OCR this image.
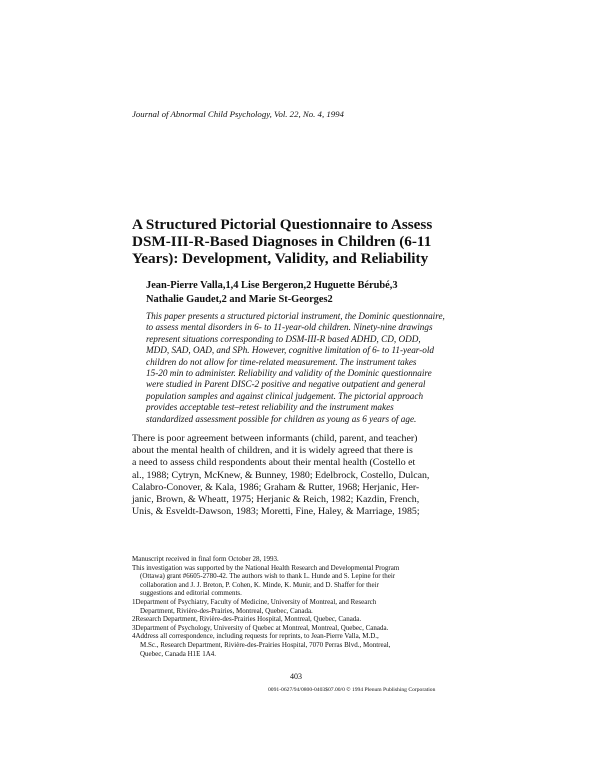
Journal of Abnormal Child Psychology, Vol. 22, No. 4, 1994
A Structured Pictorial Questionnaire to Assess
DSM-III-R-Based Diagnoses in Children (6-11
Years): Development, Validity, and Reliability
Jean-Pierre Valla,1,4 Lise Bergeron,2 Huguette Bérubé,3
Nathalie Gaudet,2 and Marie St-Georges2
This paper presents a structured pictorial instrument, the Dominic questionnaire,
to assess mental disorders in 6- to 11-year-old children. Ninety-nine drawings
represent situations corresponding to DSM-III-R based ADHD, CD, ODD,
MDD, SAD, OAD, and SPh. However, cognitive limitation of 6- to 11-year-old
children do not allow for time-related measurement. The instrument takes
15-20 min to administer. Reliability and validity of the Dominic questionnaire
were studied in Parent DISC-2 positive and negative outpatient and general
population samples and against clinical judgement. The pictorial approach
provides acceptable test–retest reliability and the instrument makes
standardized assessment possible for children as young as 6 years of age.
There is poor agreement between informants (child, parent, and teacher)
about the mental health of children, and it is widely agreed that there is
a need to assess child respondents about their mental health (Costello et
al., 1988; Cytryn, McKnew, & Bunney, 1980; Edelbrock, Costello, Dulcan,
Calabro-Conover, & Kala, 1986; Graham & Rutter, 1968; Herjanic, Her-
janic, Brown, & Wheatt, 1975; Herjanic & Reich, 1982; Kazdin, French,
Unis, & Esveldt-Dawson, 1983; Moretti, Fine, Haley, & Marriage, 1985;
Manuscript received in final form October 28, 1993.
This investigation was supported by the National Health Research and Developmental Program
(Ottawa) grant #6605-2780-42. The authors wish to thank L. Hunde and S. Lepine for their
collaboration and J. J. Breton, P. Cohen, K. Minde, K. Munir, and D. Shaffer for their
suggestions and editorial comments.
1Department of Psychiatry, Faculty of Medicine, University of Montreal, and Research
Department, Rivière-des-Prairies, Montreal, Quebec, Canada.
2Research Department, Rivière-des-Prairies Hospital, Montreal, Quebec, Canada.
3Department of Psychology, University of Quebec at Montreal, Montreal, Quebec, Canada.
4Address all correspondence, including requests for reprints, to Jean-Pierre Valla, M.D.,
M.Sc., Research Department, Rivière-des-Prairies Hospital, 7070 Perras Blvd., Montreal,
Quebec, Canada H1E 1A4.
403
0091-0627/94/0800-0403$07.00/0 © 1994 Plenum Publishing Corporation
